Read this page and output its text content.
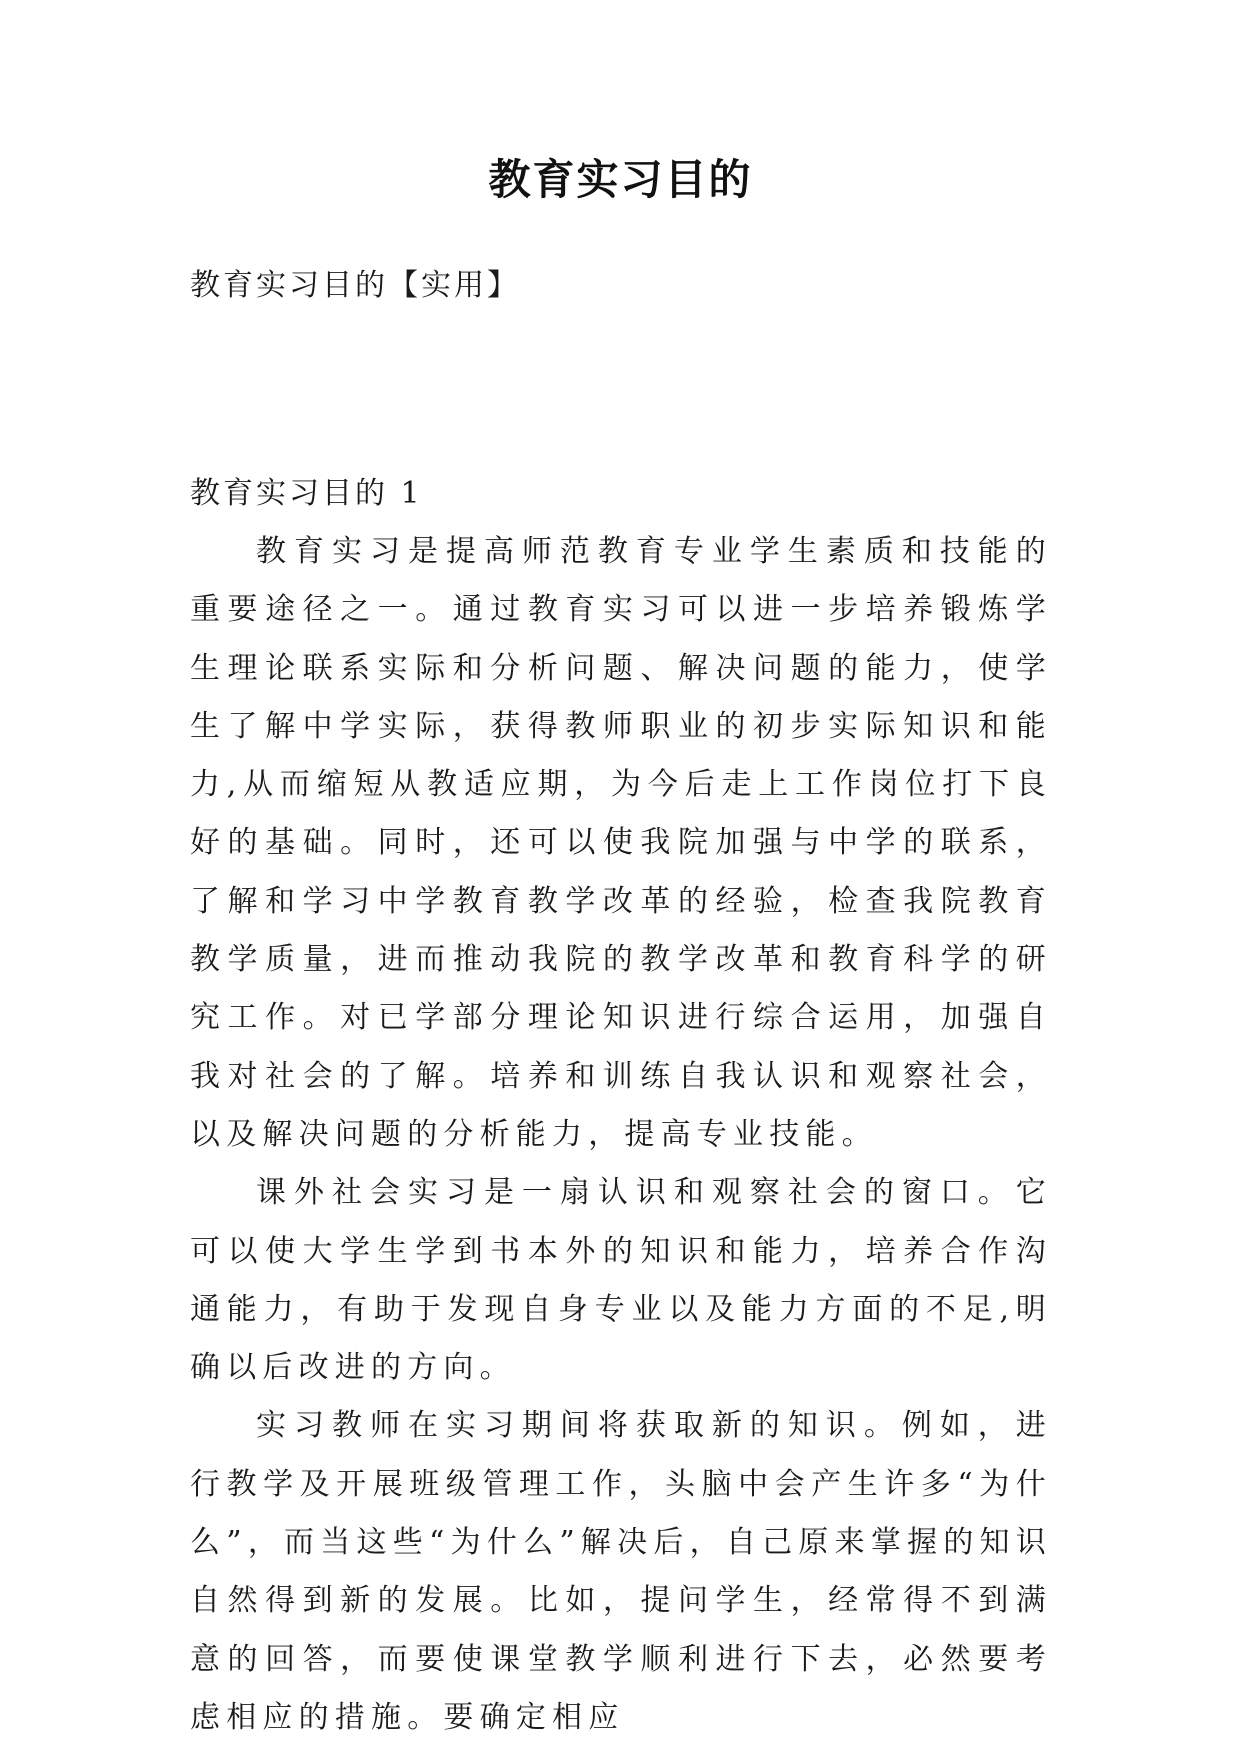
教育实习目的
教育实习目的【实用】
教育实习目的 1

教育实习是提高师范教育专业学生素质和技能的重要途径之一。通过教育实习可以进一步培养锻炼学生理论联系实际和分析问题、解决问题的能力，使学生了解中学实际，获得教师职业的初步实际知识和能力,从而缩短从教适应期，为今后走上工作岗位打下良好的基础。同时，还可以使我院加强与中学的联系，了解和学习中学教育教学改革的经验，检查我院教育教学质量，进而推动我院的教学改革和教育科学的研究工作。对已学部分理论知识进行综合运用，加强自我对社会的了解。培养和训练自我认识和观察社会，以及解决问题的分析能力，提高专业技能。

课外社会实习是一扇认识和观察社会的窗口。它可以使大学生学到书本外的知识和能力，培养合作沟通能力，有助于发现自身专业以及能力方面的不足,明确以后改进的方向。

实习教师在实习期间将获取新的知识。例如，进行教学及开展班级管理工作，头脑中会产生许多“为什么”，而当这些“为什么”解决后，自己原来掌握的知识自然得到新的发展。比如，提问学生，经常得不到满意的回答，而要使课堂教学顺利进行下去，必然要考虑相应的措施。要确定相应
